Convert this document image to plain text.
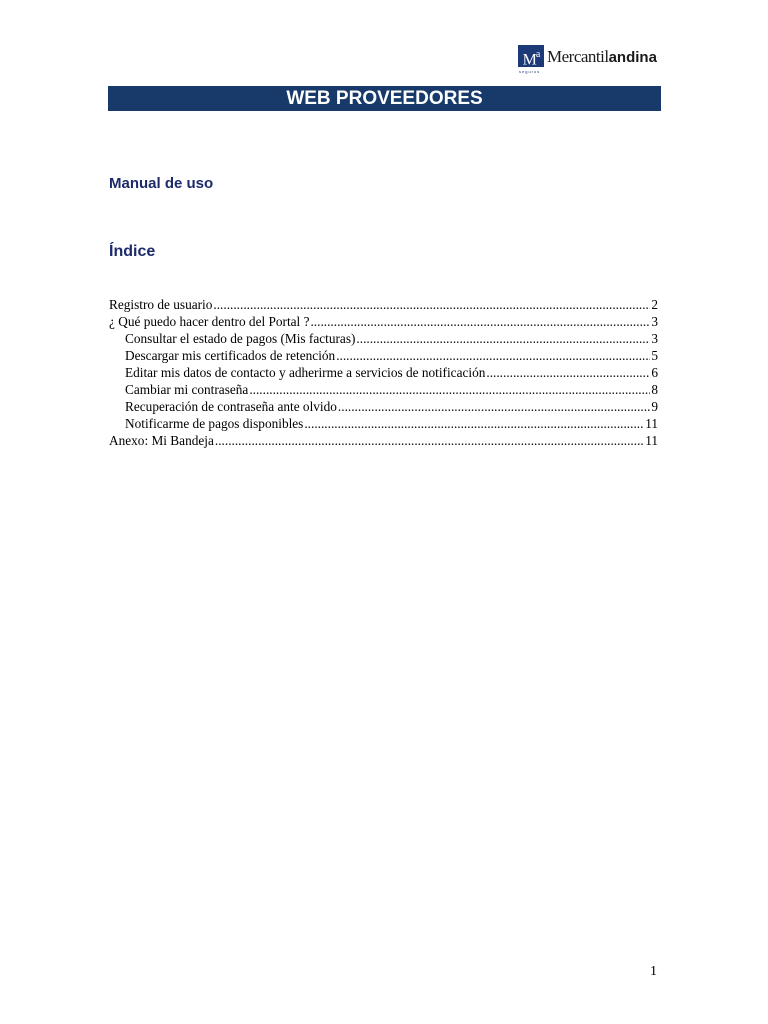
$M^a$ Mercantilandina
seguros
WEB PROVEEDORES
Manual de uso
Índice
Registro de usuario .....	2
¿ Qué puedo hacer dentro del Portal ? .....	3
Consultar el estado de pagos (Mis facturas) .....	3
Descargar mis certificados de retención .....	5
Editar mis datos de contacto y adherirme a servicios de notificación .....	6
Cambiar mi contraseña .....	8
Recuperación de contraseña ante olvido .....	9
Notificarme de pagos disponibles .....	11
Anexo: Mi Bandeja .....	11
1
